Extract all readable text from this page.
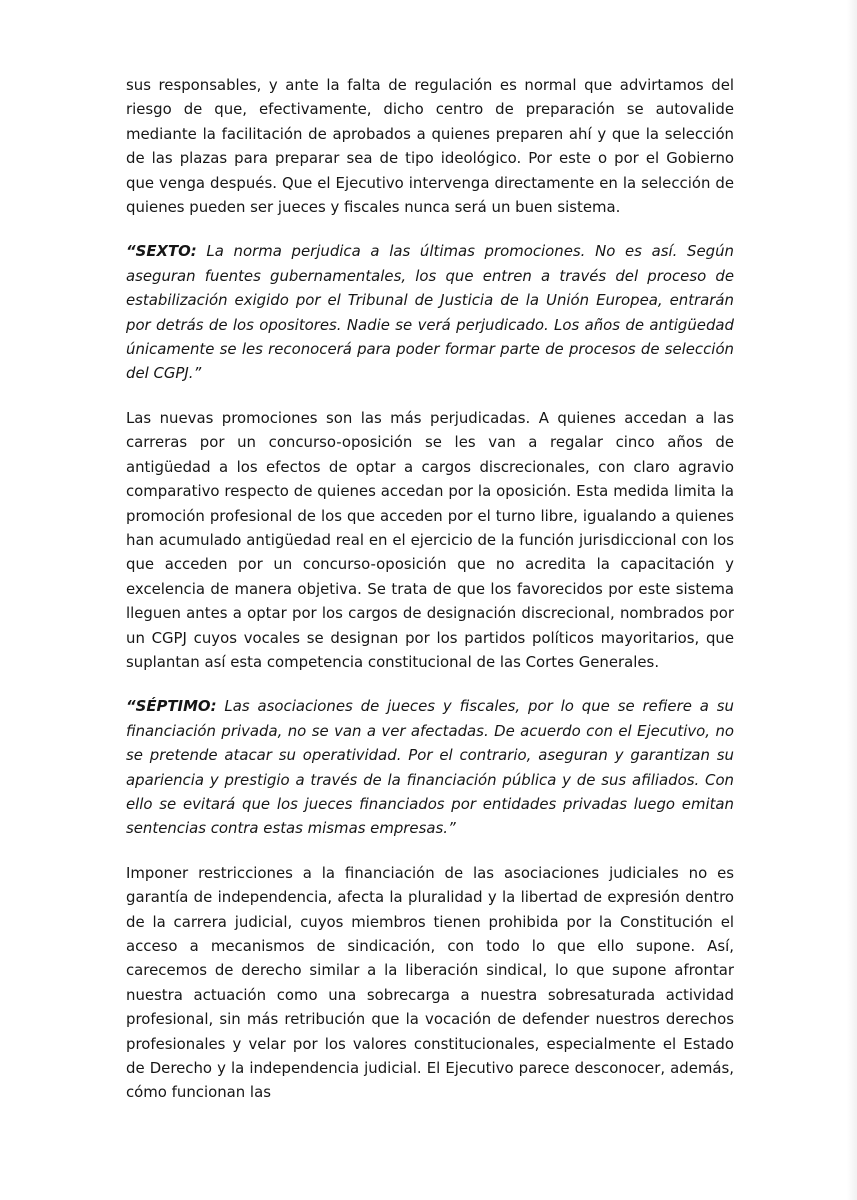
sus responsables, y ante la falta de regulación es normal que advirtamos del riesgo de que, efectivamente, dicho centro de preparación se autovalide mediante la facilitación de aprobados a quienes preparen ahí y que la selección de las plazas para preparar sea de tipo ideológico. Por este o por el Gobierno que venga después. Que el Ejecutivo intervenga directamente en la selección de quienes pueden ser jueces y fiscales nunca será un buen sistema.

“SEXTO: La norma perjudica a las últimas promociones. No es así. Según aseguran fuentes gubernamentales, los que entren a través del proceso de estabilización exigido por el Tribunal de Justicia de la Unión Europea, entrarán por detrás de los opositores. Nadie se verá perjudicado. Los años de antigüedad únicamente se les reconocerá para poder formar parte de procesos de selección del CGPJ.”

Las nuevas promociones son las más perjudicadas. A quienes accedan a las carreras por un concurso-oposición se les van a regalar cinco años de antigüedad a los efectos de optar a cargos discrecionales, con claro agravio comparativo respecto de quienes accedan por la oposición. Esta medida limita la promoción profesional de los que acceden por el turno libre, igualando a quienes han acumulado antigüedad real en el ejercicio de la función jurisdiccional con los que acceden por un concurso-oposición que no acredita la capacitación y excelencia de manera objetiva. Se trata de que los favorecidos por este sistema lleguen antes a optar por los cargos de designación discrecional, nombrados por un CGPJ cuyos vocales se designan por los partidos políticos mayoritarios, que suplantan así esta competencia constitucional de las Cortes Generales.

“SÉPTIMO: Las asociaciones de jueces y fiscales, por lo que se refiere a su financiación privada, no se van a ver afectadas. De acuerdo con el Ejecutivo, no se pretende atacar su operatividad. Por el contrario, aseguran y garantizan su apariencia y prestigio a través de la financiación pública y de sus afiliados. Con ello se evitará que los jueces financiados por entidades privadas luego emitan sentencias contra estas mismas empresas.”

Imponer restricciones a la financiación de las asociaciones judiciales no es garantía de independencia, afecta la pluralidad y la libertad de expresión dentro de la carrera judicial, cuyos miembros tienen prohibida por la Constitución el acceso a mecanismos de sindicación, con todo lo que ello supone. Así, carecemos de derecho similar a la liberación sindical, lo que supone afrontar nuestra actuación como una sobrecarga a nuestra sobresaturada actividad profesional, sin más retribución que la vocación de defender nuestros derechos profesionales y velar por los valores constitucionales, especialmente el Estado de Derecho y la independencia judicial. El Ejecutivo parece desconocer, además, cómo funcionan las
